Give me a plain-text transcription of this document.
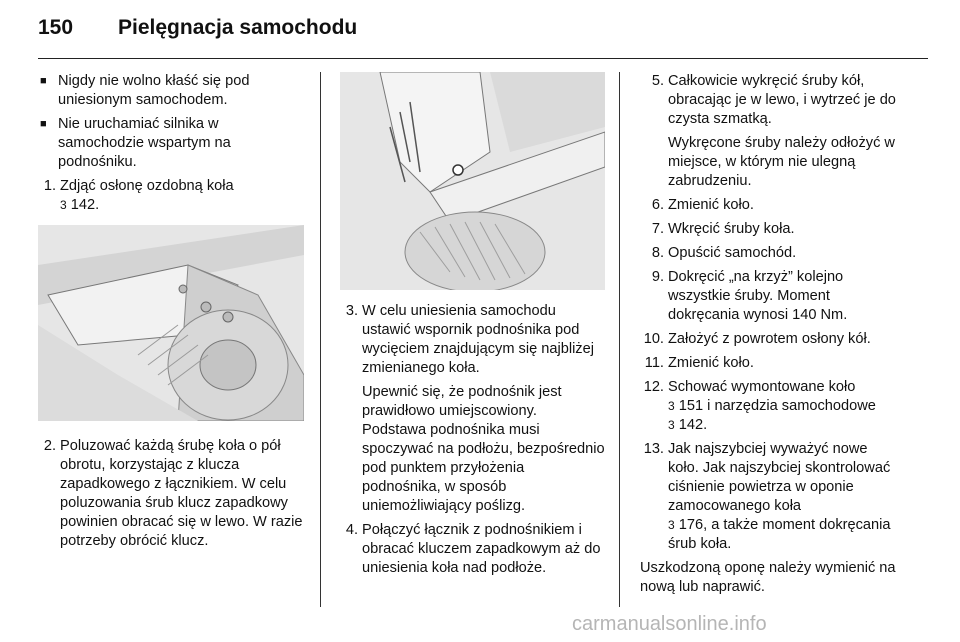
150 Pielęgnacja samochodu
■ Nigdy nie wolno kłaść się pod uniesionym samochodem.
■ Nie uruchamiać silnika w samochodzie wspartym na podnośniku.
1. Zdjąć osłonę ozdobną koła
3 142.
2. Poluzować każdą śrubę koła o pół obrotu, korzystając z klucza zapadkowego z łącznikiem. W celu poluzowania śrub klucz zapadkowy powinien obracać się w lewo. W razie potrzeby obrócić klucz.
3. W celu uniesienia samochodu ustawić wspornik podnośnika pod wycięciem znajdującym się najbliżej zmienianego koła.
Upewnić się, że podnośnik jest prawidłowo umiejscowiony. Podstawa podnośnika musi spoczywać na podłożu, bezpośrednio pod punktem przyłożenia podnośnika, w sposób uniemożliwiający poślizg.
4. Połączyć łącznik z podnośnikiem i obracać kluczem zapadkowym aż do uniesienia koła nad podłoże.
5. Całkowicie wykręcić śruby kół, obracając je w lewo, i wytrzeć je do czysta szmatką.
Wykręcone śruby należy odłożyć w miejsce, w którym nie ulegną zabrudzeniu.
6. Zmienić koło.
7. Wkręcić śruby koła.
8. Opuścić samochód.
9. Dokręcić „na krzyż” kolejno wszystkie śruby. Moment dokręcania wynosi 140 Nm.
10. Założyć z powrotem osłony kół.
11. Zmienić koło.
12. Schować wymontowane koło
3 151 i narzędzia samochodowe
3 142.
13. Jak najszybciej wyważyć nowe koło. Jak najszybciej skontrolować ciśnienie powietrza w oponie zamocowanego koła
3 176, a także moment dokręcania śrub koła.
Uszkodzoną oponę należy wymienić na nową lub naprawić.
carmanualsonline.info
